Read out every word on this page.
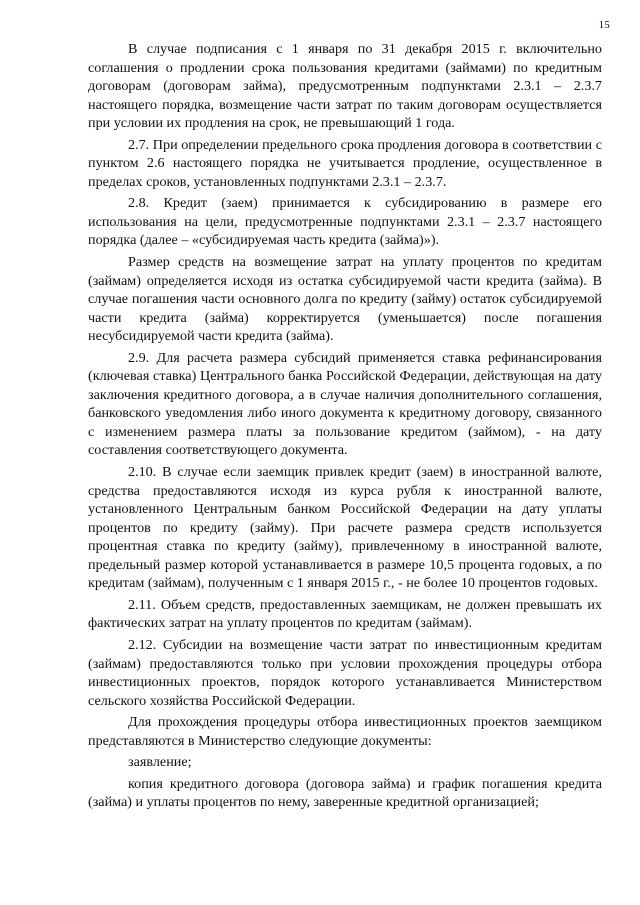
15

В случае подписания с 1 января по 31 декабря 2015 г. включительно соглашения о продлении срока пользования кредитами (займами) по кредитным договорам (договорам займа), предусмотренным подпунктами 2.3.1 – 2.3.7 настоящего порядка, возмещение части затрат по таким договорам осуществляется при условии их продления на срок, не превышающий 1 года.

2.7. При определении предельного срока продления договора в соответствии с пунктом 2.6 настоящего порядка не учитывается продление, осуществленное в пределах сроков, установленных подпунктами 2.3.1 – 2.3.7.

2.8. Кредит (заем) принимается к субсидированию в размере его использования на цели, предусмотренные подпунктами 2.3.1 – 2.3.7 настоящего порядка (далее – «субсидируемая часть кредита (займа)»).

Размер средств на возмещение затрат на уплату процентов по кредитам (займам) определяется исходя из остатка субсидируемой части кредита (займа). В случае погашения части основного долга по кредиту (займу) остаток субсидируемой части кредита (займа) корректируется (уменьшается) после погашения несубсидируемой части кредита (займа).

2.9. Для расчета размера субсидий применяется ставка рефинансирования (ключевая ставка) Центрального банка Российской Федерации, действующая на дату заключения кредитного договора, а в случае наличия дополнительного соглашения, банковского уведомления либо иного документа к кредитному договору, связанного с изменением размера платы за пользование кредитом (займом), - на дату составления соответствующего документа.

2.10. В случае если заемщик привлек кредит (заем) в иностранной валюте, средства предоставляются исходя из курса рубля к иностранной валюте, установленного Центральным банком Российской Федерации на дату уплаты процентов по кредиту (займу). При расчете размера средств используется процентная ставка по кредиту (займу), привлеченному в иностранной валюте, предельный размер которой устанавливается в размере 10,5 процента годовых, а по кредитам (займам), полученным с 1 января 2015 г., - не более 10 процентов годовых.

2.11. Объем средств, предоставленных заемщикам, не должен превышать их фактических затрат на уплату процентов по кредитам (займам).

2.12. Субсидии на возмещение части затрат по инвестиционным кредитам (займам) предоставляются только при условии прохождения процедуры отбора инвестиционных проектов, порядок которого устанавливается Министерством сельского хозяйства Российской Федерации.

Для прохождения процедуры отбора инвестиционных проектов заемщиком представляются в Министерство следующие документы:

заявление;

копия кредитного договора (договора займа) и график погашения кредита (займа) и уплаты процентов по нему, заверенные кредитной организацией;
